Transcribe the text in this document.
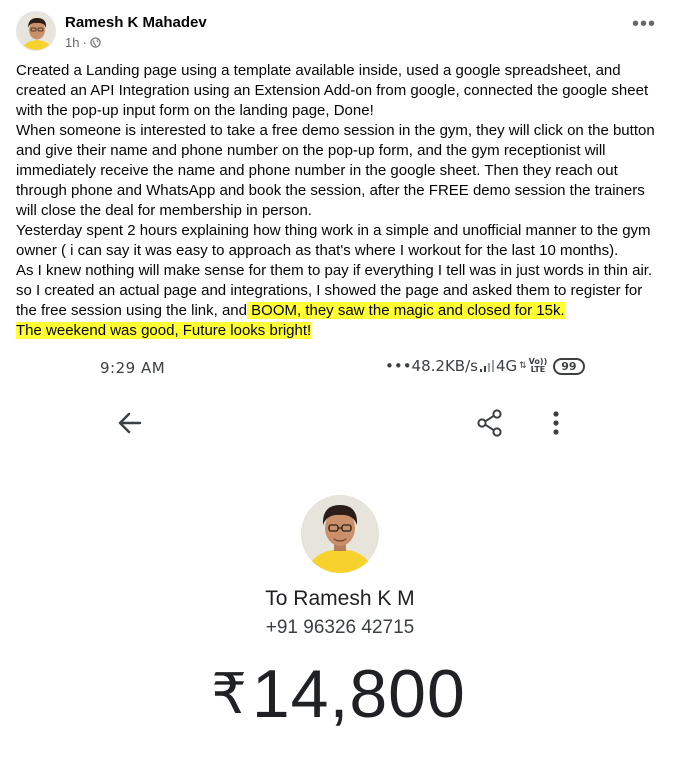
Ramesh K Mahadev
1h ·
•••

Created a Landing page using a template available inside, used a google spreadsheet, and created an API Integration using an Extension Add-on from google, connected the google sheet with the pop-up input form on the landing page, Done!

When someone is interested to take a free demo session in the gym, they will click on the button and give their name and phone number on the pop-up form, and the gym receptionist will immediately receive the name and phone number in the google sheet. Then they reach out through phone and WhatsApp and book the session, after the FREE demo session the trainers will close the deal for membership in person.

Yesterday spent 2 hours explaining how thing work in a simple and unofficial manner to the gym owner ( i can say it was easy to approach as that's where I workout for the last 10 months).

As I knew nothing will make sense for them to pay if everything I tell was in just words in thin air.

so I created an actual page and integrations, I showed the page and asked them to register for the free session using the link, and BOOM, they saw the magic and closed for 15k.

The weekend was good, Future looks bright!

9:29 AM	•••48.2KB/s 4G ⇅ Vo))
LTE	99
To Ramesh K M
+91 96326 42715
₹14,800
